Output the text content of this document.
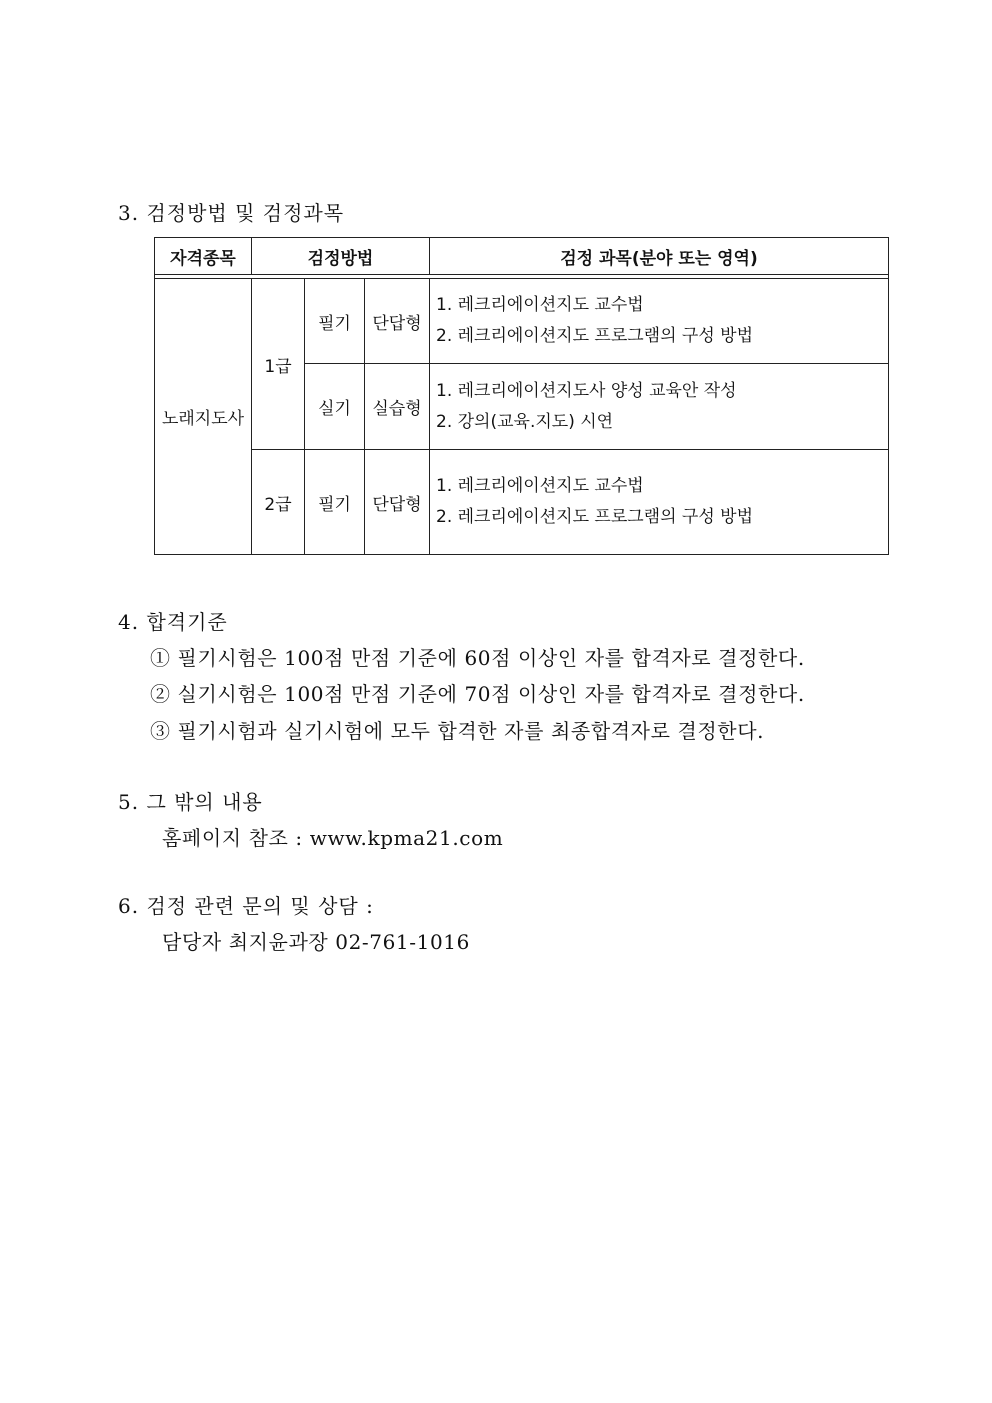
3. 검정방법 및 검정과목
자격종목	검정방법			검정 과목(분야 또는 영역)

노래지도사	1급	필기	단답형	1. 레크리에이션지도 교수법
2. 레크리에이션지도 프로그램의 구성 방법

		실기	실습형	1. 레크리에이션지도사 양성 교육안 작성
2. 강의(교육.지도) 시연

	2급	필기	단답형	1. 레크리에이션지도 교수법
2. 레크리에이션지도 프로그램의 구성 방법
4. 합격기준
① 필기시험은 100점 만점 기준에 60점 이상인 자를 합격자로 결정한다.
② 실기시험은 100점 만점 기준에 70점 이상인 자를 합격자로 결정한다.
③ 필기시험과 실기시험에 모두 합격한 자를 최종합격자로 결정한다.
5. 그 밖의 내용
홈페이지 참조 : www.kpma21.com
6. 검정 관련 문의 및 상담 :
담당자 최지윤과장 02-761-1016
